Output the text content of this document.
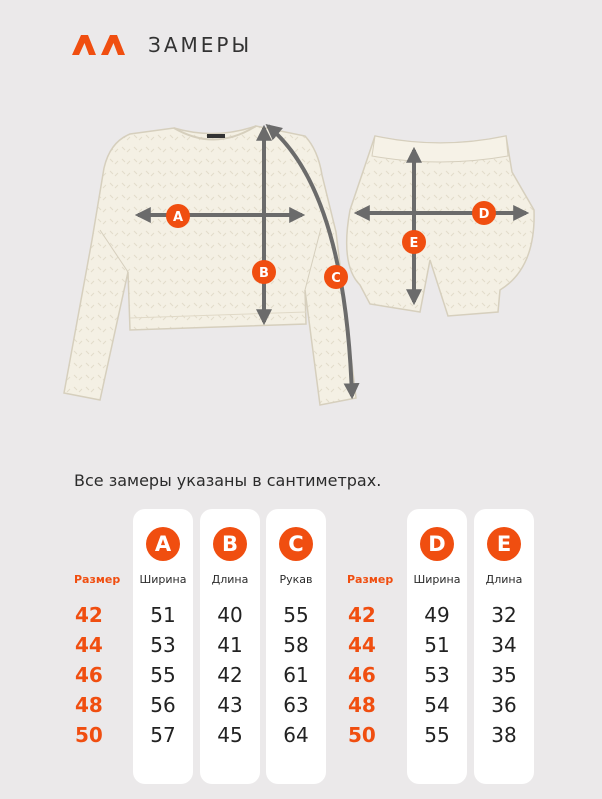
ЗАМЕРЫ
A
B	C
D
E
Все замеры указаны в сантиметрах.
Размер
42
44
46
48
50
A
Ширина
51
53
55
56
57
B
Длина
40
41
42
43
45
C
Рукав
55
58
61
63
64
Размер
42
44
46
48
50
D
Ширина
49
51
53
54
55
E
Длина
32
34
35
36
38
